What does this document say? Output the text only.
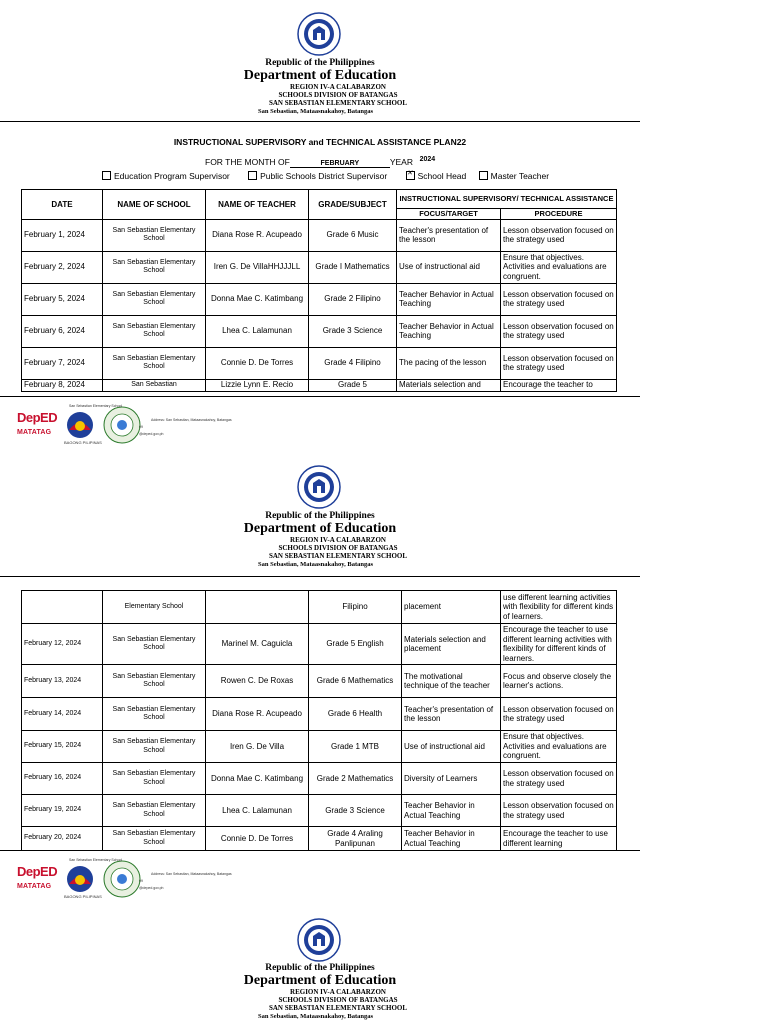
Republic of the Philippines
Department of Education
REGION IV-A CALABARZON
SCHOOLS DIVISION OF BATANGAS
SAN SEBASTIAN ELEMENTARY SCHOOL
San Sebastian, Mataasnakahoy, Batangas
INSTRUCTIONAL SUPERVISORY and TECHNICAL ASSISTANCE PLAN22
FOR THE MONTH OF	FEBRUARY	YEAR 2024
Education Program Supervisor	Public Schools District Supervisor ✕	School Head	Master Teacher
DATE	NAME OF SCHOOL	NAME OF TEACHER	GRADE/SUBJECT	INSTRUCTIONAL SUPERVISORY/ TECHNICAL ASSISTANCE	
				FOCUS/TARGET	PROCEDURE
February 1, 2024	San Sebastian Elementary School	Diana Rose R. Acupeado	Grade 6 Music	Teacher's presentation of the lesson	Lesson observation focused on the strategy used
February 2, 2024	San Sebastian Elementary School	Iren G. De VillaHHJJJLL	Grade I Mathematics	Use of instructional aid	Ensure that objectives. Activities and evaluations are congruent.
February 5, 2024	San Sebastian Elementary School	Donna Mae C. Katimbang	Grade 2 Filipino	Teacher Behavior in Actual Teaching	Lesson observation focused on the strategy used
February 6, 2024	San Sebastian Elementary School	Lhea C. Lalamunan	Grade 3 Science	Teacher Behavior in Actual Teaching	Lesson observation focused on the strategy used
February 7, 2024	San Sebastian Elementary School	Connie D. De Torres	Grade 4 Filipino	The pacing of the lesson	Lesson observation focused on the strategy used
February 8, 2024	San Sebastian	Lizzie Lynn E. Recio	Grade 5	Materials selection and	Encourage the teacher to
DepED
MATATAG
BAGONG PILIPINAS
San Sebastian Elementary School
Address: San Sebastian, Mataasnakahoy, Batangas
09
@deped.gov.ph
Republic of the Philippines
Department of Education
REGION IV-A CALABARZON
SCHOOLS DIVISION OF BATANGAS
SAN SEBASTIAN ELEMENTARY SCHOOL
San Sebastian, Mataasnakahoy, Batangas
	Elementary School		Filipino	placement	use different learning activities with flexibility for different kinds of learners.
February 12, 2024	San Sebastian Elementary School	Marinel M. Caguicla	Grade 5 English	Materials selection and placement	Encourage the teacher to use different learning activities with flexibility for different kinds of learners.
February 13, 2024	San Sebastian Elementary School	Rowen C. De Roxas	Grade 6 Mathematics	The motivational technique of the teacher	Focus and observe closely the learner's actions.
February 14, 2024	San Sebastian Elementary School	Diana Rose R. Acupeado	Grade 6 Health	Teacher's presentation of the lesson	Lesson observation focused on the strategy used
February 15, 2024	San Sebastian Elementary School	Iren G. De Villa	Grade 1 MTB	Use of instructional aid	Ensure that objectives. Activities and evaluations are congruent.
February 16, 2024	San Sebastian Elementary School	Donna Mae C. Katimbang	Grade 2 Mathematics	Diversity of Learners	Lesson observation focused on the strategy used
February 19, 2024	San Sebastian Elementary School	Lhea C. Lalamunan	Grade 3 Science	Teacher Behavior in Actual Teaching	Lesson observation focused on the strategy used
February 20, 2024	San Sebastian Elementary School	Connie D. De Torres	Grade 4 Araling Panlipunan	Teacher Behavior in Actual Teaching	Encourage the teacher to use different learning
DepED
MATATAG
BAGONG PILIPINAS
San Sebastian Elementary School
Address: San Sebastian, Mataasnakahoy, Batangas
09
@deped.gov.ph
Republic of the Philippines
Department of Education
REGION IV-A CALABARZON
SCHOOLS DIVISION OF BATANGAS
SAN SEBASTIAN ELEMENTARY SCHOOL
San Sebastian, Mataasnakahoy, Batangas
